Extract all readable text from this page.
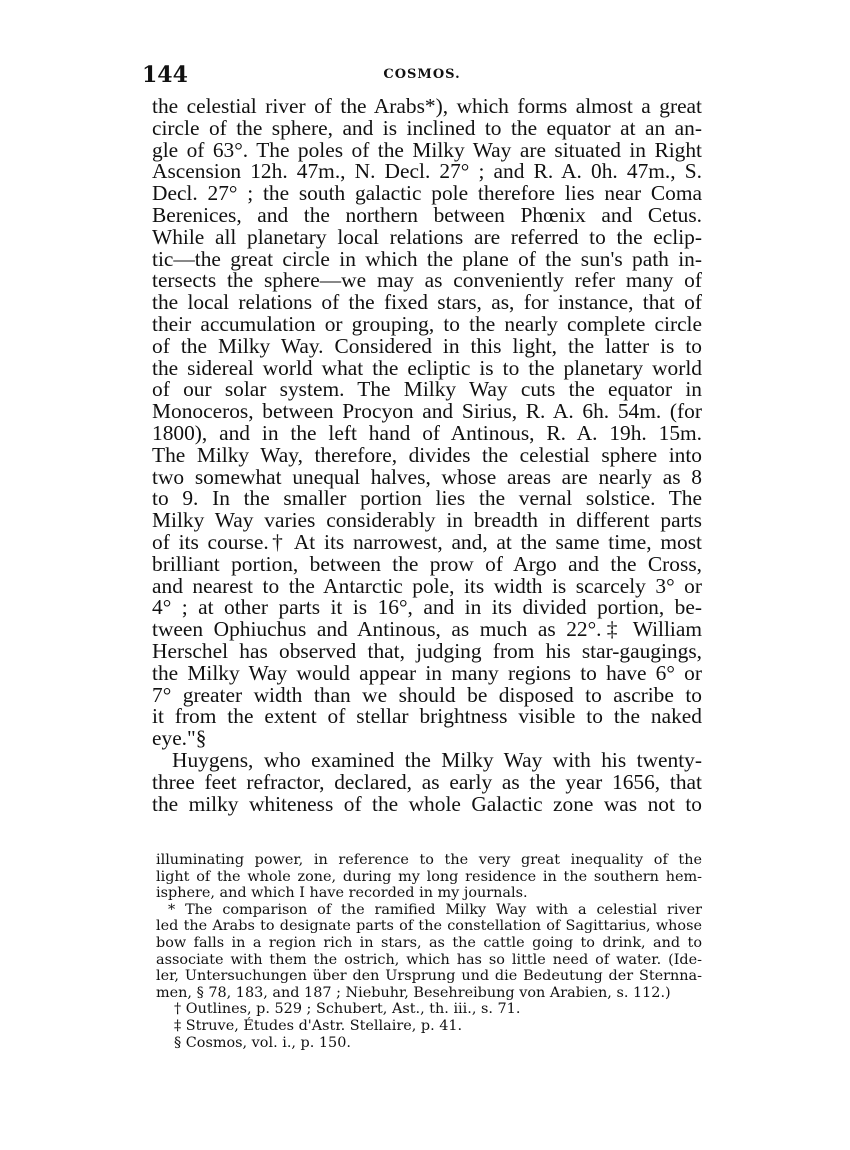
144	COSMOS.
the celestial river of the Arabs*), which forms almost a great
circle of the sphere, and is inclined to the equator at an an-
gle of 63°. The poles of the Milky Way are situated in Right
Ascension 12h. 47m., N. Decl. 27° ; and R. A. 0h. 47m., S.
Decl. 27° ; the south galactic pole therefore lies near Coma
Berenices, and the northern between Phœnix and Cetus.
While all planetary local relations are referred to the eclip-
tic—the great circle in which the plane of the sun's path in-
tersects the sphere—we may as conveniently refer many of
the local relations of the fixed stars, as, for instance, that of
their accumulation or grouping, to the nearly complete circle
of the Milky Way. Considered in this light, the latter is to
the sidereal world what the ecliptic is to the planetary world
of our solar system. The Milky Way cuts the equator in
Monoceros, between Procyon and Sirius, R. A. 6h. 54m. (for
1800), and in the left hand of Antinous, R. A. 19h. 15m.
The Milky Way, therefore, divides the celestial sphere into
two somewhat unequal halves, whose areas are nearly as 8
to 9. In the smaller portion lies the vernal solstice. The
Milky Way varies considerably in breadth in different parts
of its course.† At its narrowest, and, at the same time, most
brilliant portion, between the prow of Argo and the Cross,
and nearest to the Antarctic pole, its width is scarcely 3° or
4° ; at other parts it is 16°, and in its divided portion, be-
tween Ophiuchus and Antinous, as much as 22°.‡ William
Herschel has observed that, judging from his star-gaugings,
the Milky Way would appear in many regions to have 6° or
7° greater width than we should be disposed to ascribe to
it from the extent of stellar brightness visible to the naked
eye."§
Huygens, who examined the Milky Way with his twenty-
three feet refractor, declared, as early as the year 1656, that
the milky whiteness of the whole Galactic zone was not to
illuminating power, in reference to the very great inequality of the
light of the whole zone, during my long residence in the southern hem-
isphere, and which I have recorded in my journals.
* The comparison of the ramified Milky Way with a celestial river
led the Arabs to designate parts of the constellation of Sagittarius, whose
bow falls in a region rich in stars, as the cattle going to drink, and to
associate with them the ostrich, which has so little need of water. (Ide-
ler, Untersuchungen über den Ursprung und die Bedeutung der Sternna-
men, § 78, 183, and 187 ; Niebuhr, Besehreibung von Arabien, s. 112.)
† Outlines, p. 529 ; Schubert, Ast., th. iii., s. 71.
‡ Struve, Études d'Astr. Stellaire, p. 41.
§ Cosmos, vol. i., p. 150.
